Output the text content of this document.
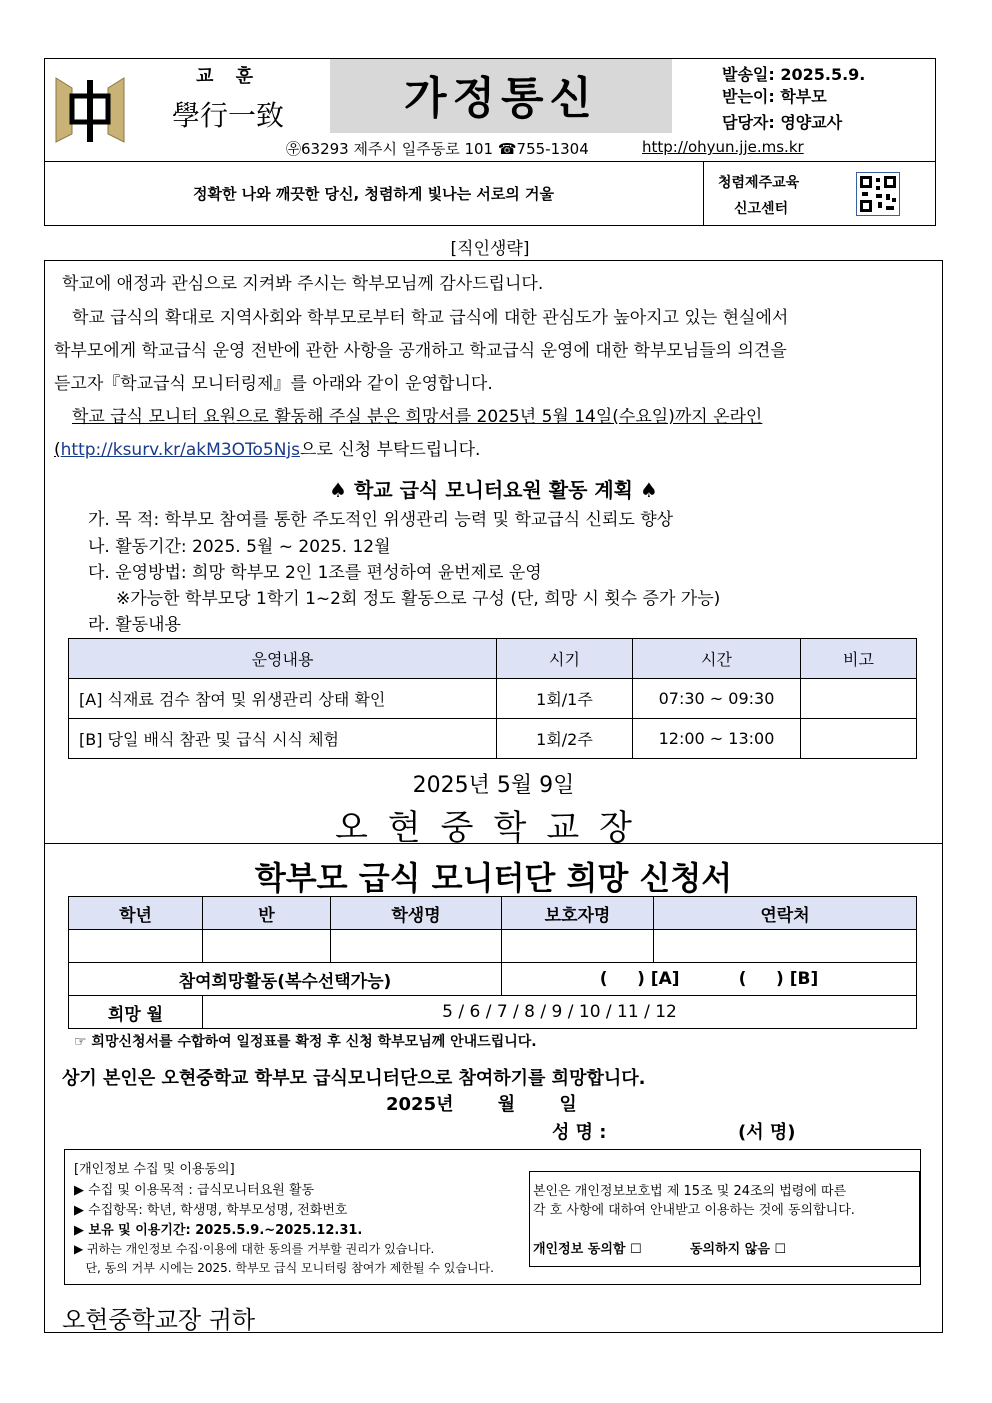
교 훈
學行一致	가정통신	발송일: 2025.5.9.
받는이: 학부모
담당자: 영양교사
㉾63293 제주시 일주동로 101 ☎755-1304	http://ohyun.jje.ms.kr
정확한 나와 깨끗한 당신, 청렴하게 빛나는 서로의 거울
청렴제주교육
신고센터
[직인생략]
학교에 애정과 관심으로 지켜봐 주시는 학부모님께 감사드립니다.
학교 급식의 확대로 지역사회와 학부모로부터 학교 급식에 대한 관심도가 높아지고 있는 현실에서
학부모에게 학교급식 운영 전반에 관한 사항을 공개하고 학교급식 운영에 대한 학부모님들의 의견을
듣고자『학교급식 모니터링제』를 아래와 같이 운영합니다.
학교 급식 모니터 요원으로 활동해 주실 분은 희망서를 2025년 5월 14일(수요일)까지 온라인
(http://ksurv.kr/akM3OTo5Njs으로 신청 부탁드립니다.
♠ 학교 급식 모니터요원 활동 계획 ♠
가. 목 적: 학부모 참여를 통한 주도적인 위생관리 능력 및 학교급식 신뢰도 향상
나. 활동기간: 2025. 5월 ~ 2025. 12월
다. 운영방법: 희망 학부모 2인 1조를 편성하여 윤번제로 운영
※가능한 학부모당 1학기 1~2회 정도 활동으로 구성 (단, 희망 시 횟수 증가 가능)
라. 활동내용
운영내용	시기	시간	비고
[A] 식재료 검수 참여 및 위생관리 상태 확인	1회/1주	07:30 ~ 09:30	
[B] 당일 배식 참관 및 급식 시식 체험	1회/2주	12:00 ~ 13:00	
2025년 5월 9일
오현중학교장
학부모 급식 모니터단 희망 신청서
학년	반	학생명	보호자명	연락처

참여희망활동(복수선택가능)			(     ) [A]          (     ) [B]	
희망 월	5 / 6 / 7 / 8 / 9 / 10 / 11 / 12			
☞ 희망신청서를 수합하여 일정표를 확정 후 신청 학부모님께 안내드립니다.
상기 본인은 오현중학교 학부모 급식모니터단으로 참여하기를 희망합니다.
2025년 월 일
성 명 :	(서 명)
[개인정보 수집 및 이용동의]
▶ 수집 및 이용목적 : 급식모니터요원 활동
▶ 수집항목: 학년, 학생명, 학부모성명, 전화번호
▶ 보유 및 이용기간: 2025.5.9.~2025.12.31.
▶ 귀하는 개인정보 수집·이용에 대한 동의를 거부할 권리가 있습니다.
단, 동의 거부 시에는 2025. 학부모 급식 모니터링 참여가 제한될 수 있습니다.
본인은 개인정보보호법 제 15조 및 24조의 법령에 따른
각 호 사항에 대하여 안내받고 이용하는 것에 동의합니다.
개인정보 동의함 ☐	동의하지 않음 ☐
오현중학교장 귀하
